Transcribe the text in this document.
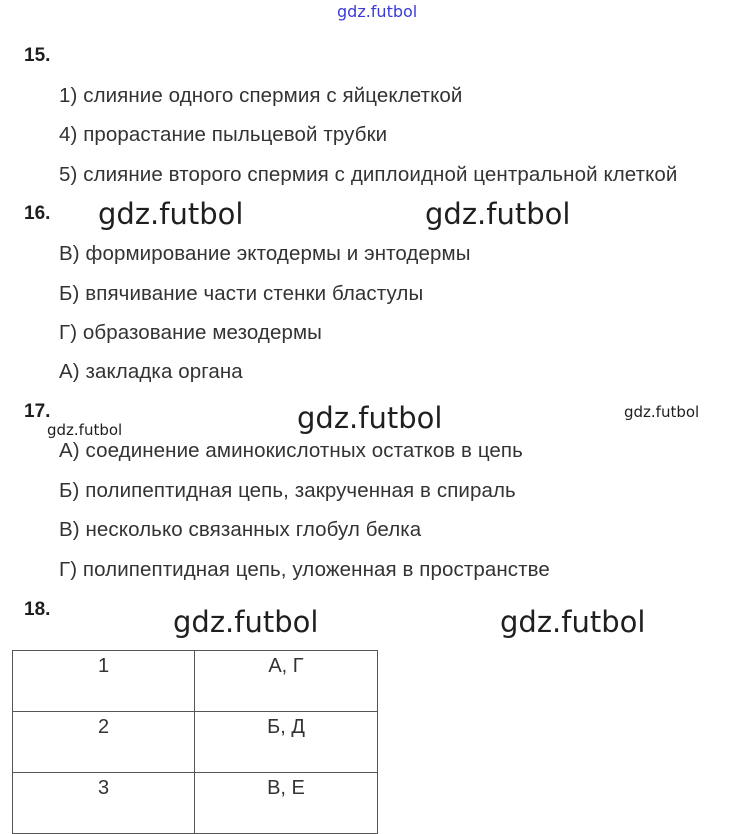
gdz.futbol
15.
1) слияние одного спермия с яйцеклеткой
4) прорастание пыльцевой трубки
5) слияние второго спермия с диплоидной центральной клеткой
16. gdz.futbol	gdz.futbol
В) формирование эктодермы и энтодермы
Б) впячивание части стенки бластулы
Г) образование мезодермы
А) закладка органа
17.
gdz.futbol	gdz.futbol	gdz.futbol
А) соединение аминокислотных остатков в цепь
Б) полипептидная цепь, закрученная в спираль
В) несколько связанных глобул белка
Г) полипептидная цепь, уложенная в пространстве
18.	gdz.futbol	gdz.futbol
1	А, Г
2	Б, Д
3	В, Е
